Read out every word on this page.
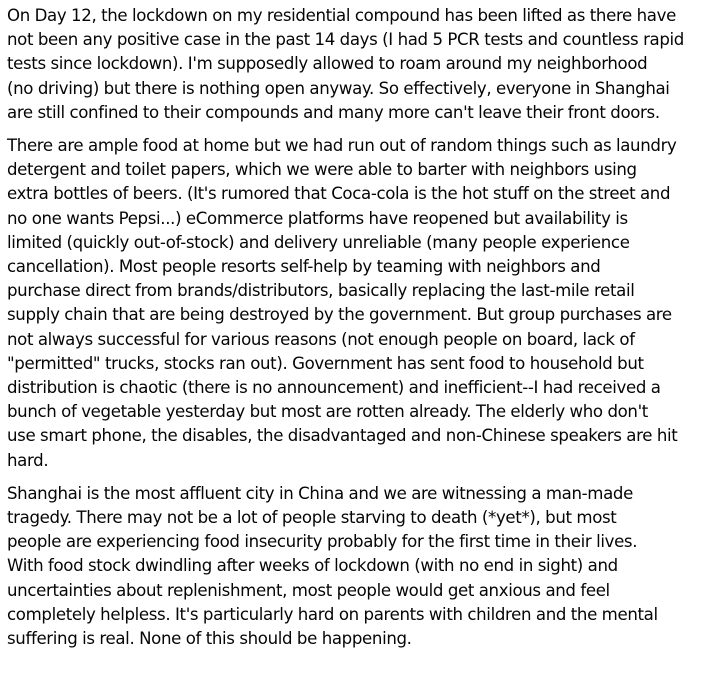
On Day 12, the lockdown on my residential compound has been lifted as there have
not been any positive case in the past 14 days (I had 5 PCR tests and countless rapid
tests since lockdown). I'm supposedly allowed to roam around my neighborhood
(no driving) but there is nothing open anyway. So effectively, everyone in Shanghai
are still confined to their compounds and many more can't leave their front doors.

There are ample food at home but we had run out of random things such as laundry
detergent and toilet papers, which we were able to barter with neighbors using
extra bottles of beers. (It's rumored that Coca-cola is the hot stuff on the street and
no one wants Pepsi...) eCommerce platforms have reopened but availability is
limited (quickly out-of-stock) and delivery unreliable (many people experience
cancellation). Most people resorts self-help by teaming with neighbors and
purchase direct from brands/distributors, basically replacing the last-mile retail
supply chain that are being destroyed by the government. But group purchases are
not always successful for various reasons (not enough people on board, lack of
"permitted" trucks, stocks ran out). Government has sent food to household but
distribution is chaotic (there is no announcement) and inefficient--I had received a
bunch of vegetable yesterday but most are rotten already. The elderly who don't
use smart phone, the disables, the disadvantaged and non-Chinese speakers are hit
hard.

Shanghai is the most affluent city in China and we are witnessing a man-made
tragedy. There may not be a lot of people starving to death (*yet*), but most
people are experiencing food insecurity probably for the first time in their lives.
With food stock dwindling after weeks of lockdown (with no end in sight) and
uncertainties about replenishment, most people would get anxious and feel
completely helpless. It's particularly hard on parents with children and the mental
suffering is real. None of this should be happening.
